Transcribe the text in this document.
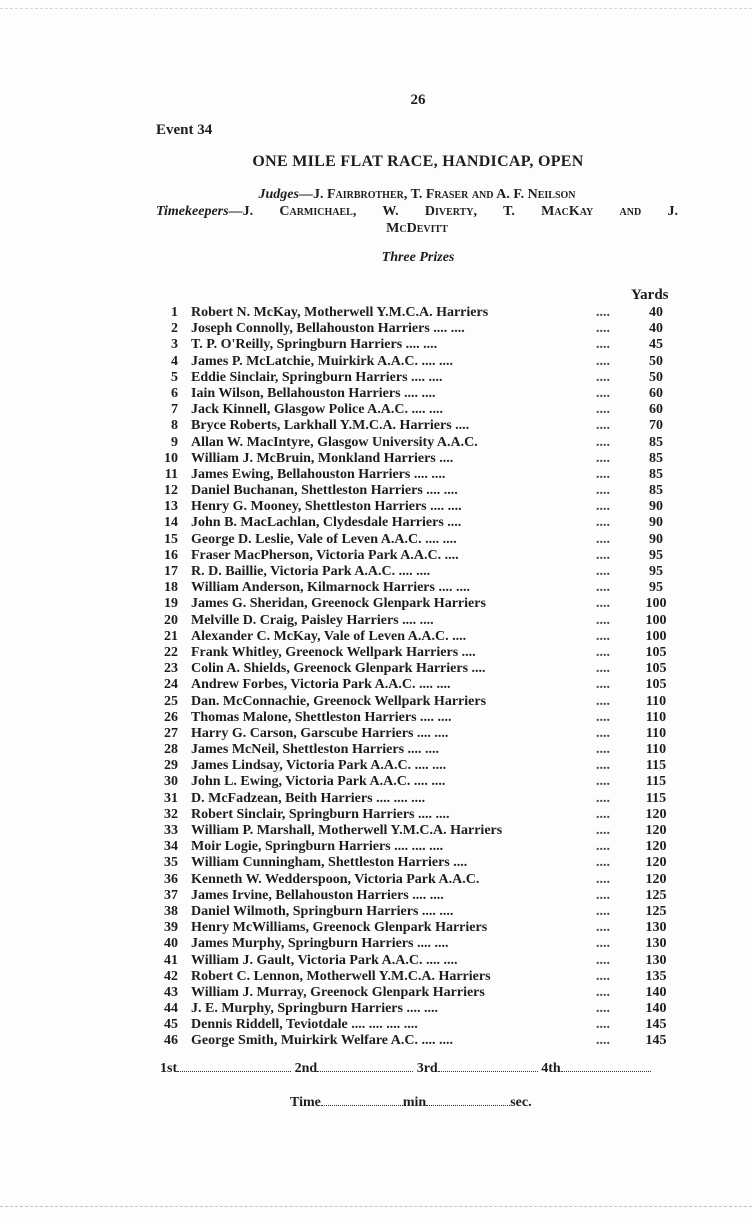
26
Event 34
ONE MILE FLAT RACE, HANDICAP, OPEN
Judges—J. Fairbrother, T. Fraser and A. F. Neilson
Timekeepers—J. Carmichael, W. Diverty, T. MacKay and J.
McDevitt
Three Prizes
Yards
1 Robert N. McKay, Motherwell Y.M.C.A. Harriers	....	40
2 Joseph Connolly, Bellahouston Harriers .... ....	....	40
3 T. P. O'Reilly, Springburn Harriers .... ....	....	45
4 James P. McLatchie, Muirkirk A.A.C. .... ....	....	50
5 Eddie Sinclair, Springburn Harriers .... ....	....	50
6 Iain Wilson, Bellahouston Harriers .... ....	....	60
7 Jack Kinnell, Glasgow Police A.A.C. .... ....	....	60
8 Bryce Roberts, Larkhall Y.M.C.A. Harriers ....	....	70
9 Allan W. MacIntyre, Glasgow University A.A.C.	....	85
10 William J. McBruin, Monkland Harriers ....	....	85
11 James Ewing, Bellahouston Harriers .... ....	....	85
12 Daniel Buchanan, Shettleston Harriers .... ....	....	85
13 Henry G. Mooney, Shettleston Harriers .... ....	....	90
14 John B. MacLachlan, Clydesdale Harriers ....	....	90
15 George D. Leslie, Vale of Leven A.A.C. .... ....	....	90
16 Fraser MacPherson, Victoria Park A.A.C. ....	....	95
17 R. D. Baillie, Victoria Park A.A.C. .... ....	....	95
18 William Anderson, Kilmarnock Harriers .... ....	....	95
19 James G. Sheridan, Greenock Glenpark Harriers	....	100
20 Melville D. Craig, Paisley Harriers .... ....	....	100
21 Alexander C. McKay, Vale of Leven A.A.C. ....	....	100
22 Frank Whitley, Greenock Wellpark Harriers ....	....	105
23 Colin A. Shields, Greenock Glenpark Harriers ....	....	105
24 Andrew Forbes, Victoria Park A.A.C. .... ....	....	105
25 Dan. McConnachie, Greenock Wellpark Harriers	....	110
26 Thomas Malone, Shettleston Harriers .... ....	....	110
27 Harry G. Carson, Garscube Harriers .... ....	....	110
28 James McNeil, Shettleston Harriers .... ....	....	110
29 James Lindsay, Victoria Park A.A.C. .... ....	....	115
30 John L. Ewing, Victoria Park A.A.C. .... ....	....	115
31 D. McFadzean, Beith Harriers .... .... ....	....	115
32 Robert Sinclair, Springburn Harriers .... ....	....	120
33 William P. Marshall, Motherwell Y.M.C.A. Harriers	....	120
34 Moir Logie, Springburn Harriers .... .... ....	....	120
35 William Cunningham, Shettleston Harriers ....	....	120
36 Kenneth W. Wedderspoon, Victoria Park A.A.C.	....	120
37 James Irvine, Bellahouston Harriers .... ....	....	125
38 Daniel Wilmoth, Springburn Harriers .... ....	....	125
39 Henry McWilliams, Greenock Glenpark Harriers	....	130
40 James Murphy, Springburn Harriers .... ....	....	130
41 William J. Gault, Victoria Park A.A.C. .... ....	....	130
42 Robert C. Lennon, Motherwell Y.M.C.A. Harriers	....	135
43 William J. Murray, Greenock Glenpark Harriers	....	140
44 J. E. Murphy, Springburn Harriers .... ....	....	140
45 Dennis Riddell, Teviotdale .... .... .... ....	....	145
46 George Smith, Muirkirk Welfare A.C. .... ....	....	145
1st	2nd	3rd	4th
Time	min	sec.
